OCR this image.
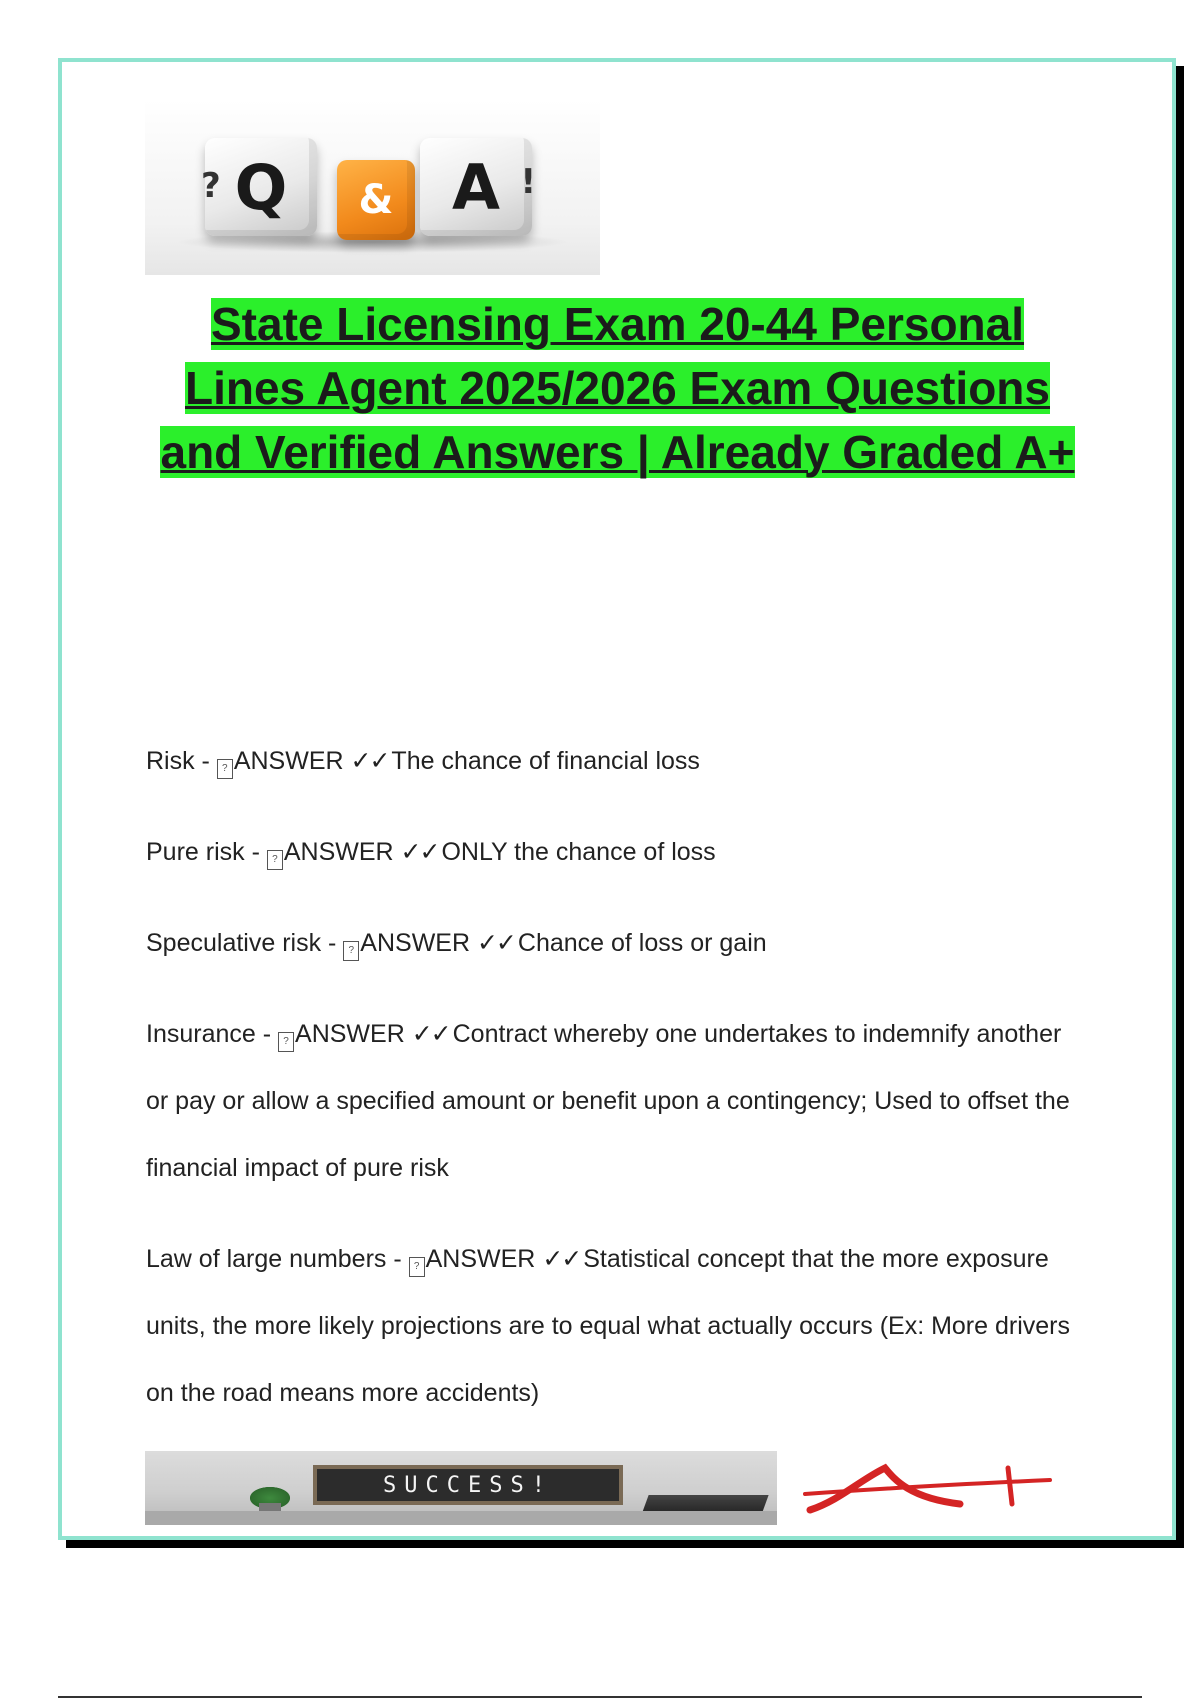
? Q & A !
State Licensing Exam 20-44 Personal Lines Agent 2025/2026 Exam Questions and Verified Answers | Already Graded A+
Risk - ? ANSWER ✓✓ The chance of financial loss
Pure risk - ? ANSWER ✓✓ ONLY the chance of loss
Speculative risk - ? ANSWER ✓✓ Chance of loss or gain
Insurance - ? ANSWER ✓✓ Contract whereby one undertakes to indemnify another or pay or allow a specified amount or benefit upon a contingency; Used to offset the financial impact of pure risk
Law of large numbers - ? ANSWER ✓✓ Statistical concept that the more exposure units, the more likely projections are to equal what actually occurs (Ex: More drivers on the road means more accidents)
SUCCESS!
